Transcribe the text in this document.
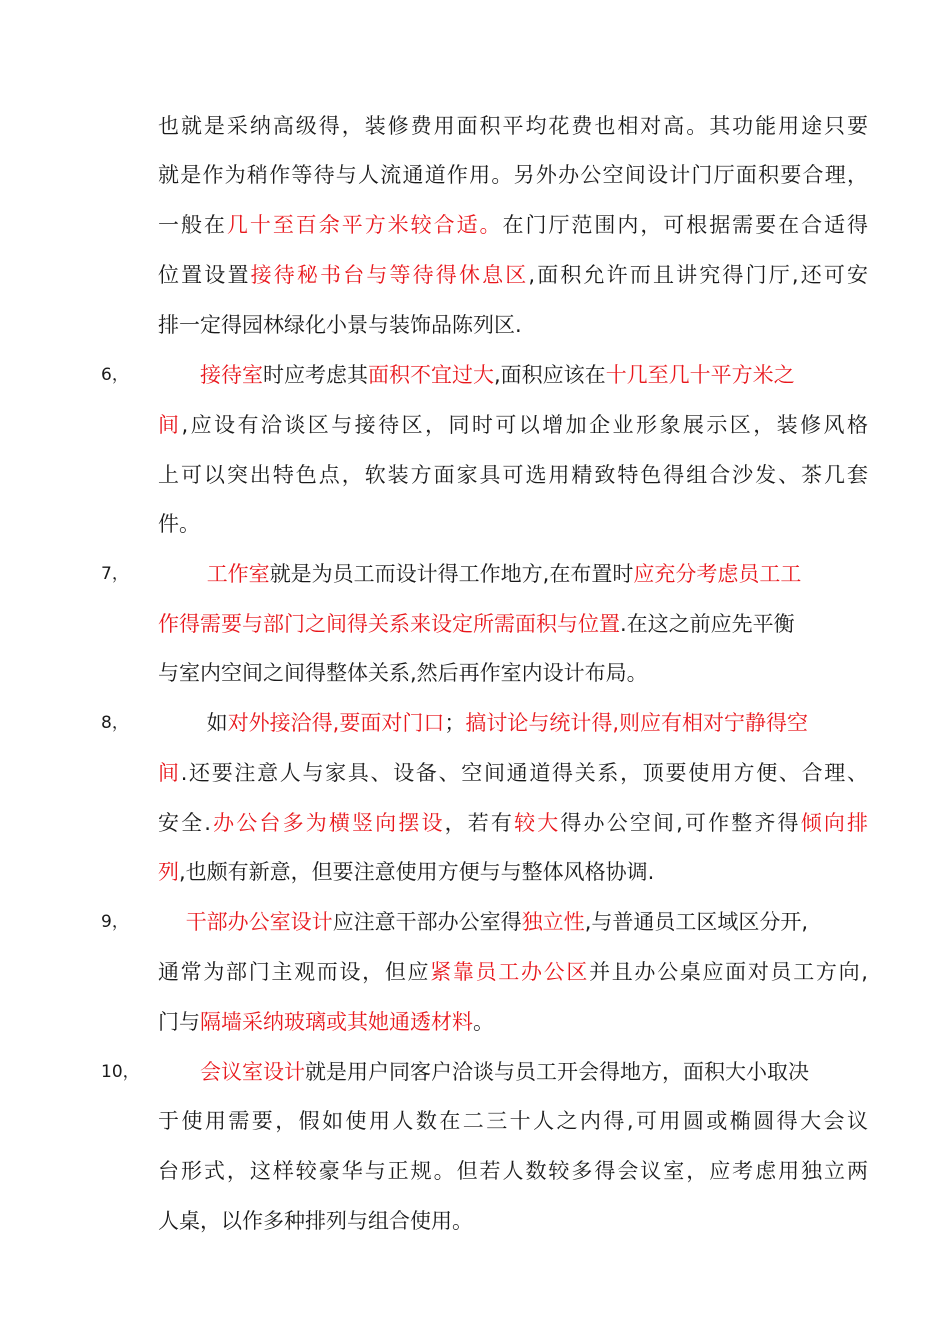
也就是采纳高级得，装修费用面积平均花费也相对高。其功能用途只要
就是作为稍作等待与人流通道作用。另外办公空间设计门厅面积要合理，
一般在几十至百余平方米较合适。在门厅范围内，可根据需要在合适得
位置设置接待秘书台与等待得休息区,面积允许而且讲究得门厅,还可安
排一定得园林绿化小景与装饰品陈列区.
6，
　　	接待室时应考虑其面积不宜过大,面积应该在十几至几十平方米之
间,应设有洽谈区与接待区，同时可以增加企业形象展示区，装修风格
上可以突出特色点，软装方面家具可选用精致特色得组合沙发、茶几套
件。
7，
　　	工作室就是为员工而设计得工作地方,在布置时应充分考虑员工工
作得需要与部门之间得关系来设定所需面积与位置.在这之前应先平衡
与室内空间之间得整体关系,然后再作室内设计布局。
8， 　　 如对外接洽得,要面对门口；搞讨论与统计得,则应有相对宁静得空
间.还要注意人与家具、设备、空间通道得关系，顶要使用方便、合理、
安全.办公台多为横竖向摆设，若有较大得办公空间,可作整齐得倾向排
列,也颇有新意，但要注意使用方便与与整体风格协调.
9，
　	干部办公室设计应注意干部办公室得独立性,与普通员工区域区分开,
通常为部门主观而设，但应紧靠员工办公区并且办公桌应面对员工方向,
门与隔墙采纳玻璃或其她通透材料。
10，
　　	会议室设计就是用户同客户洽谈与员工开会得地方，面积大小取决
于使用需要，假如使用人数在二三十人之内得,可用圆或椭圆得大会议
台形式，这样较豪华与正规。但若人数较多得会议室，应考虑用独立两
人桌，以作多种排列与组合使用。
